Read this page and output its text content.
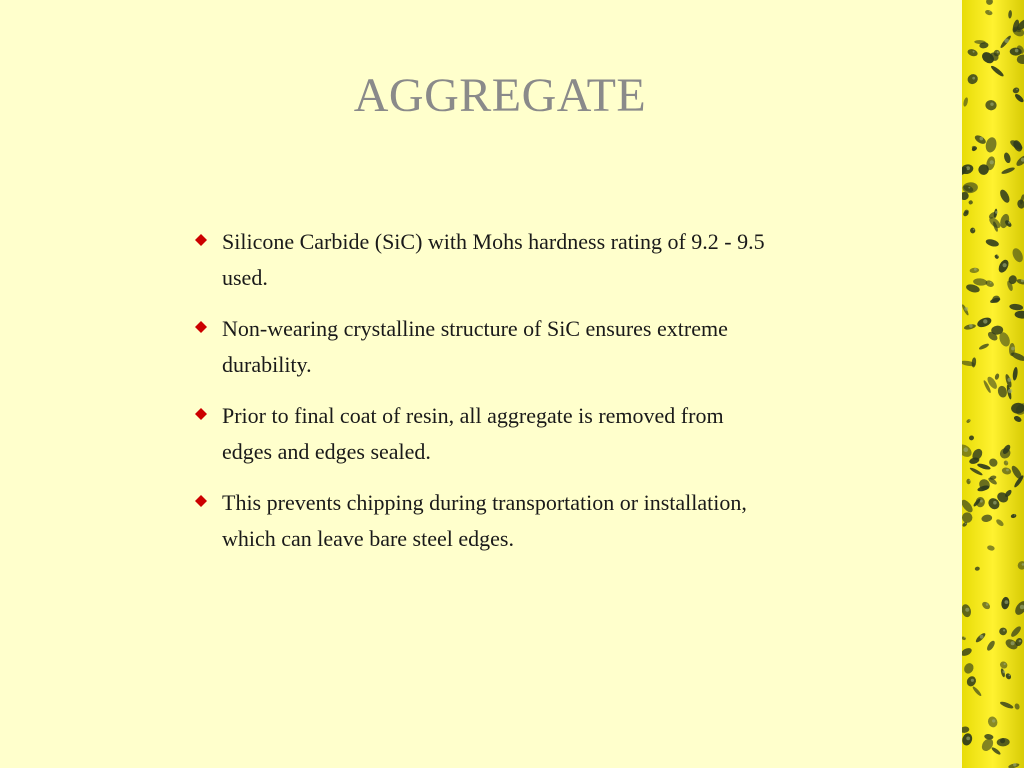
AGGREGATE
Silicone Carbide (SiC) with Mohs hardness rating of 9.2 - 9.5 used.
Non-wearing crystalline structure of SiC ensures extreme durability.
Prior to final coat of resin, all aggregate is removed from edges and edges sealed.
This prevents chipping during transportation or installation, which can leave bare steel edges.
